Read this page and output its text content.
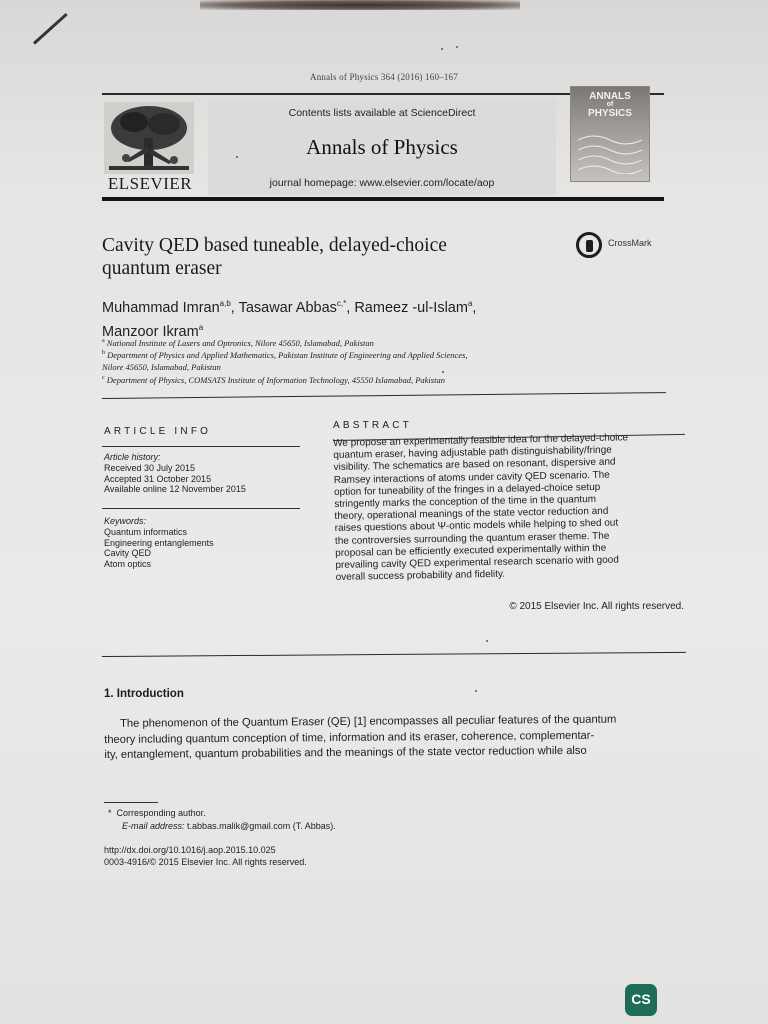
Annals of Physics 364 (2016) 160–167
ELSEVIER
Contents lists available at ScienceDirect
Annals of Physics
journal homepage: www.elsevier.com/locate/aop
ANNALS
of
PHYSICS
Cavity QED based tuneable, delayed-choice
quantum eraser
CrossMark
Muhammad Imran$^{a,b}$, Tasawar Abbas$^{c,*}$, Rameez -ul-Islam$^a$,
Manzoor Ikram$^a$
$^a$ National Institute of Lasers and Optronics, Nilore 45650, Islamabad, Pakistan
$^b$ Department of Physics and Applied Mathematics, Pakistan Institute of Engineering and Applied Sciences,
Nilore 45650, Islamabad, Pakistan
$^c$ Department of Physics, COMSATS Institute of Information Technology, 45550 Islamabad, Pakistan
ARTICLE INFO
Article history:
Received 30 July 2015
Accepted 31 October 2015
Available online 12 November 2015
Keywords:
Quantum informatics
Engineering entanglements
Cavity QED
Atom optics
ABSTRACT
We propose an experimentally feasible idea for the delayed-choice
quantum eraser, having adjustable path distinguishability/fringe
visibility. The schematics are based on resonant, dispersive and
Ramsey interactions of atoms under cavity QED scenario. The
option for tuneability of the fringes in a delayed-choice setup
stringently marks the conception of the time in the quantum
theory, operational meanings of the state vector reduction and
raises questions about Ψ-ontic models while helping to shed out
the controversies surrounding the quantum eraser theme. The
proposal can be efficiently executed experimentally within the
prevailing cavity QED experimental research scenario with good
overall success probability and fidelity.
© 2015 Elsevier Inc. All rights reserved.
1. Introduction
The phenomenon of the Quantum Eraser (QE) [1] encompasses all peculiar features of the quantum
theory including quantum conception of time, information and its eraser, coherence, complementar-
ity, entanglement, quantum probabilities and the meanings of the state vector reduction while also
*  Corresponding author.
E-mail address: t.abbas.malik@gmail.com (T. Abbas).
http://dx.doi.org/10.1016/j.aop.2015.10.025
0003-4916/© 2015 Elsevier Inc. All rights reserved.
CS
